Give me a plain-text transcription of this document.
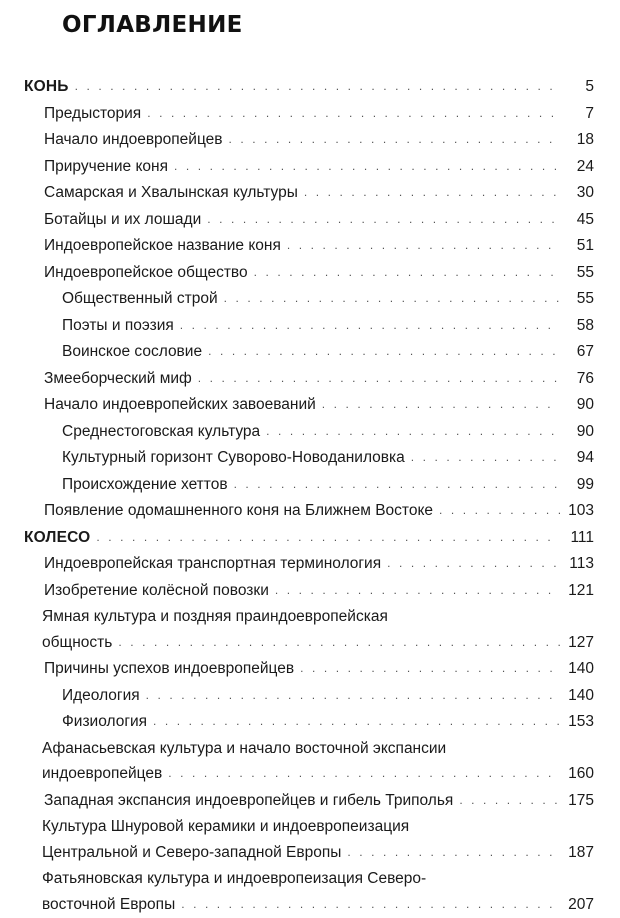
ОГЛАВЛЕНИЕ
КОНЬ . . .	5
Предыстория . . .	7
Начало индоевропейцев . . .	18
Приручение коня . . .	24
Самарская и Хвалынская культуры . . .	30
Ботайцы и их лошади . . .	45
Индоевропейское название коня . . .	51
Индоевропейское общество . . .	55
Общественный строй . . .	55
Поэты и поэзия . . .	58
Воинское сословие . . .	67
Змееборческий миф . . .	76
Начало индоевропейских завоеваний . . .	90
Среднестоговская культура . . .	90
Культурный горизонт Суворово-Новоданиловка . . .	94
Происхождение хеттов . . .	99
Появление одомашненного коня на Ближнем Востоке . . .	103
КОЛЕСО . . .	111
Индоевропейская транспортная терминология . . .	113
Изобретение колёсной повозки . . .	121
Ямная культура и поздняя праиндоевропейская
общность . . .	127
Причины успехов индоевропейцев . . .	140
Идеология . . .	140
Физиология . . .	153
Афанасьевская культура и начало восточной экспансии
индоевропейцев . . .	160
Западная экспансия индоевропейцев и гибель Триполья . . .	175
Культура Шнуровой керамики и индоевропеизация
Центральной и Северо-западной Европы . . .	187
Фатьяновская культура и индоевропеизация Северо-
восточной Европы . . .	207
